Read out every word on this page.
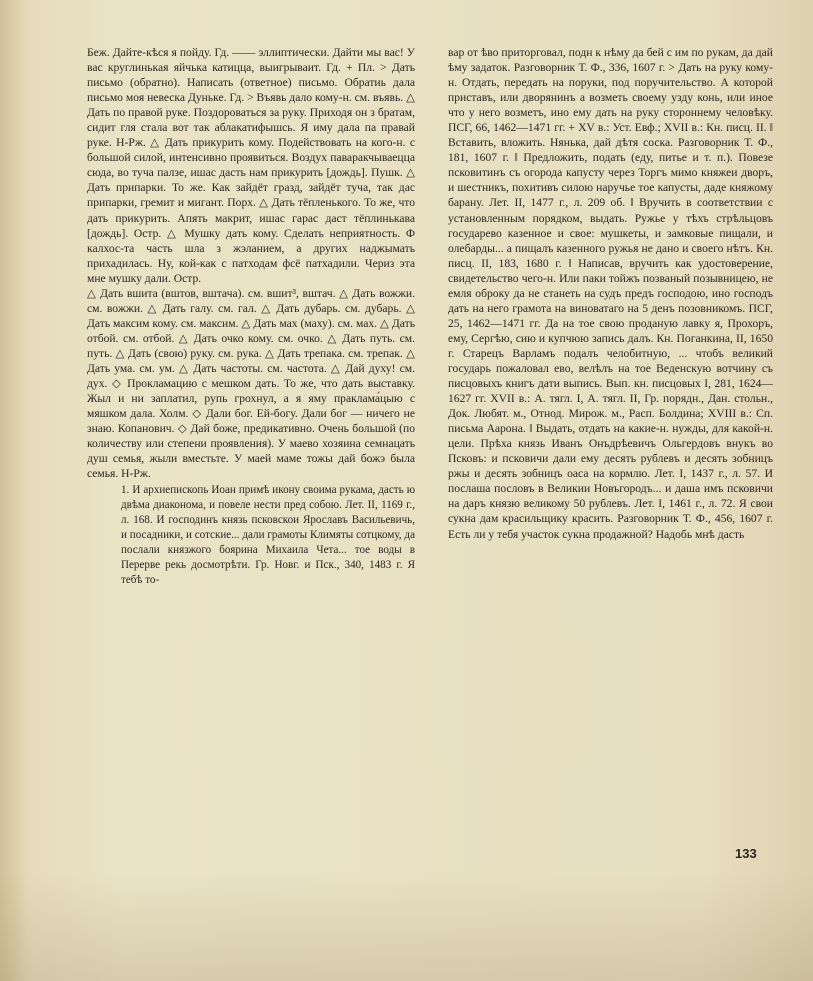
Беж. Дайте-кѣся я пойду. Гд. —— эллиптически. Дайти мы вас! У вас круглинькая яйчька катицца, выигрываит. Гд. + Пл. > Дать письмо (обратно). Написать (ответное) письмо. Обратиь дала письмо моя невеска Дуньке. Гд. > Въявь дало кому-н. см. въявь. △ Дать по правой руке. Поздороваться за руку. Приходя он з братам, сидит гля стала вот так аблакатифышсь. Я иму дала па правай руке. Н-Рж. △ Дать прикурить кому. Подействовать на кого-н. с большой силой, интенсивно проявиться. Воздух паваракчываецца сюда, во туча палзе, ишас дасть нам прикурить [дождь]. Пушк. △ Дать припарки. То же. Как зайдёт гразд, зайдёт туча, так дас припарки, гремит и мигант. Порх. △ Дать тёпленького. То же, что дать прикурить. Апять макрит, ишас гарас даст тёплинькава [дождь]. Остр. △ Мушку дать кому. Сделать неприятность. Ф калхос-та часть шла з жэланием, а других наджымать прихадилась. Ну, кой-как с патходам фсё патхадили. Чериз эта мне мушку дали. Остр.

△ Дать вшита (вштов, вштача). см. вшит³, вштач. △ Дать вожжи. см. вожжи. △ Дать галу. см. гал. △ Дать дубарь. см. дубарь. △ Дать максим кому. см. максим. △ Дать мах (маху). см. мах. △ Дать отбой. см. отбой. △ Дать очко кому. см. очко. △ Дать путь. см. путь. △ Дать (свою) руку. см. рука. △ Дать трепака. см. трепак. △ Дать ума. см. ум. △ Дать частоты. см. частота. △ Дай духу! см. дух. ◇ Прокламацию с мешком дать. То же, что дать выставку. Жыл и ни заплатил, рупь грохнул, а я яму праклама́цыю с мяшком дала. Холм. ◇ Дали бог. Ей-богу. Дали бог — ничего не знаю. Копанович. ◇ Дай боже, предикативно. Очень большой (по количеству или степени проявления). У маево хозяина семнацать душ семья, жыли вместьте. У маей маме тожы дай божэ была семья. Н-Рж.

1. И архиепископь Иоан примѣ икону своима рукама, дасть ю двѣма диаконома, и повеле нести пред собою. Лет. II, 1169 г., л. 168. И господинъ князь псковскои Ярославъ Васильевичь, и посадники, и сотские... дали грамоты Климяты сотцкому, да послали князжого боярина Михаила Чета... тое воды в Перерве рекь досмотрѣти. Гр. Новг. и Пск., 340, 1483 г. Я тебѣ то-

вар от ѣво приторговал, подн к нѣму да бей с им по рукам, да дай ѣму задаток. Разговорник Т. Ф., 336, 1607 г. > Дать на руку кому-н. Отдать, передать на поруки, под поручительство. А которой приставъ, или дворянинъ а возметь своему узду конь, или иное что у него возметъ, ино ему дать на руку стороннему человѣку. ПСГ, 66, 1462—1471 гг. + XV в.: Уст. Евф.; XVII в.: Кн. писц. II. ‖ Вставить, вложить. Нянька, дай дѣтя соска. Разговорник Т. Ф., 181, 1607 г. ‖ Предложить, подать (еду, питье и т. п.). Повезе псковитинъ съ огорода капусту через Торгъ мимо княжеи дворъ, и шестникъ, похитивъ силою наручье тое капусты, даде княжому барану. Лет. II, 1477 г., л. 209 об. ‖ Вручить в соответствии с установленным порядком, выдать. Ружье у тѣхъ стрѣльцовъ государево казенное и свое: мушкеты, и замковые пищали, и олебарды... а пищалъ казенного ружья не дано и своего нѣтъ. Кн. писц. II, 183, 1680 г. ‖ Написав, вручить как удостоверение, свидетельство чего-н. Или паки тойжъ позваный позывницею, не емля оброку да не станеть на судъ предъ господою, ино господъ дать на него грамота на виноватаго на 5 денъ позовникомъ. ПСГ, 25, 1462—1471 гг. Да на тое свою проданую лавку я, Прохоръ, ему, Сергѣю, сию и купчюю запись далъ. Кн. Поганкина, II, 1650 г. Старецъ Варламъ подалъ челобитную, ... чтобъ великий государь пожаловал ево, велѣлъ на тое Веденскую вотчину съ писцовыхъ книгъ дати выпись. Вып. кн. писцовых I, 281, 1624—1627 гг. XVII в.: А. тягл. I, А. тягл. II, Гр. порядн., Дан. стольн., Док. Любят. м., Отнод. Мирож. м., Расп. Болдина; XVIII в.: Сп. письма Аарона. ‖ Выдать, отдать на какие-н. нужды, для какой-н. цели. Прѣха князь Иванъ Онъдрѣевичъ Ольгердовъ внукъ во Псковъ: и псковичи дали ему десять рублевъ и десять зобницъ ржы и десять зобницъ оаса на кормлю. Лет. I, 1437 г., л. 57. И послаша пословъ в Великии Новъгородъ... и даша имъ псковичи на даръ князю великому 50 рублевъ. Лет. I, 1461 г., л. 72. Я свои сукна дам красильщику красить. Разговорник Т. Ф., 456, 1607 г. Есть ли у тебя участок сукна продажной? Надобь мнѣ дасть

133
